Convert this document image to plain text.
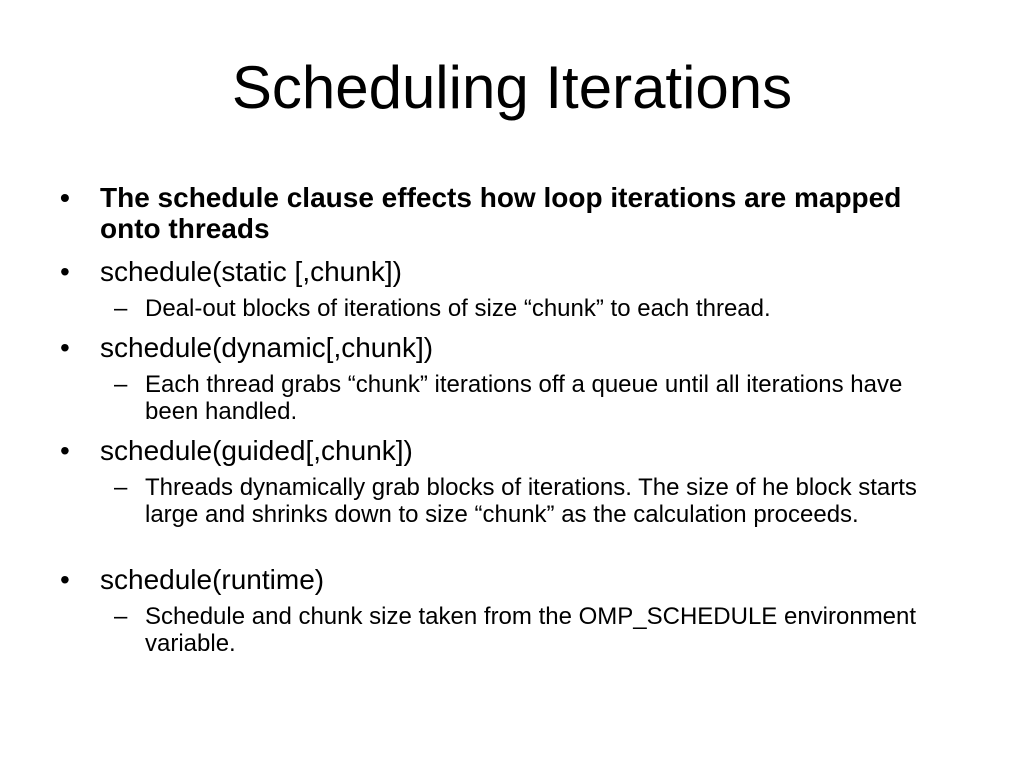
Scheduling Iterations
•	The schedule clause effects how loop iterations are mapped onto threads
•	schedule(static [,chunk])
– Deal-out blocks of iterations of size “chunk” to each thread.
•	schedule(dynamic[,chunk])
– Each thread grabs “chunk” iterations off a queue until all iterations have been handled.
•	schedule(guided[,chunk])
– Threads dynamically grab blocks of iterations. The size of he block starts large and shrinks down to size “chunk” as the calculation proceeds.
•	schedule(runtime)
– Schedule and chunk size taken from the OMP_SCHEDULE environment variable.
